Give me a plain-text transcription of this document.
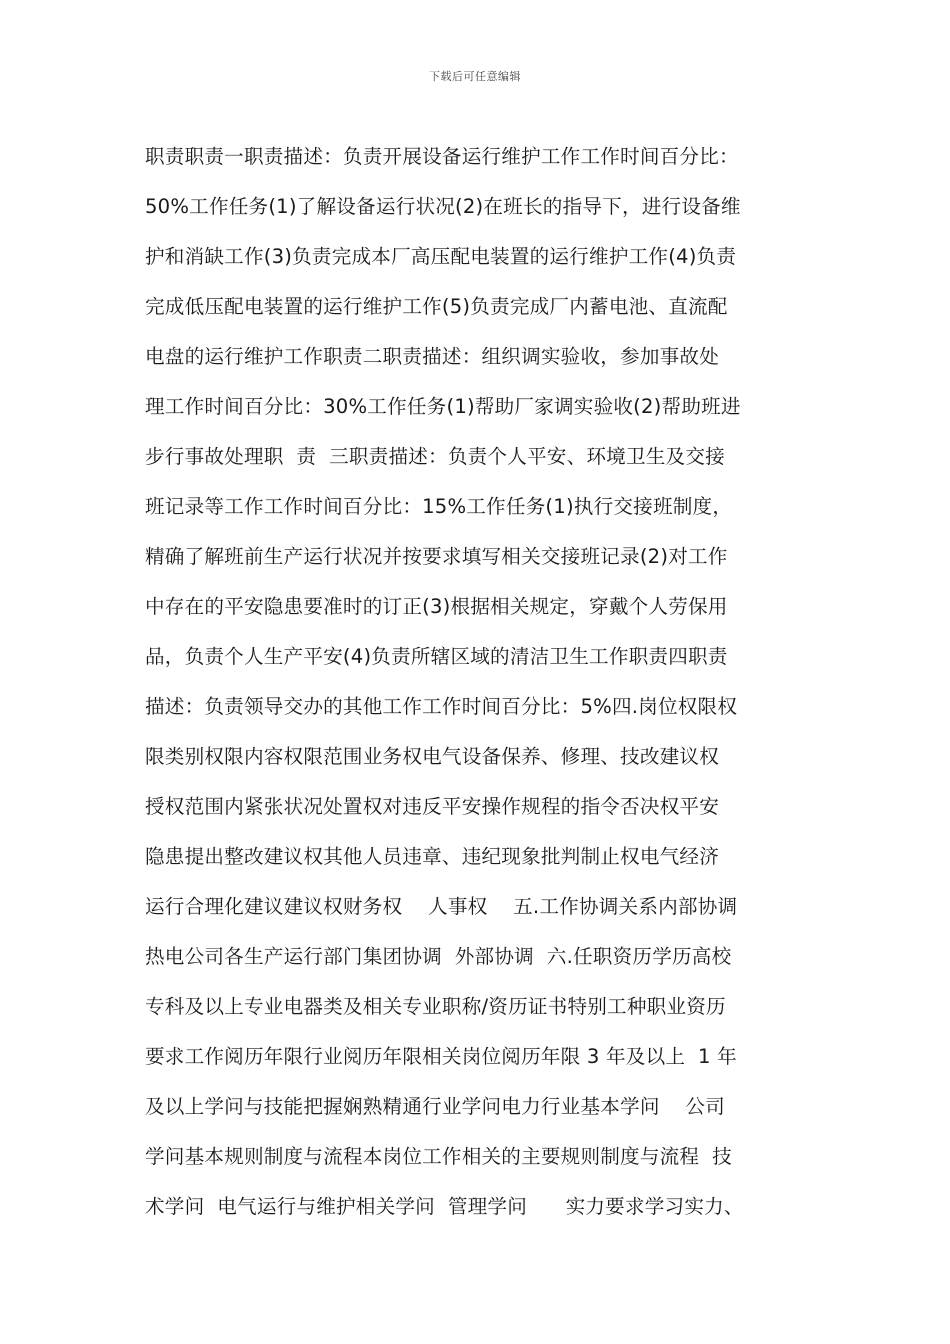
下载后可任意编辑
职责职责一职责描述：负责开展设备运行维护工作工作时间百分比：
50%工作任务(1)了解设备运行状况(2)在班长的指导下，进行设备维
护和消缺工作(3)负责完成本厂高压配电装置的运行维护工作(4)负责
完成低压配电装置的运行维护工作(5)负责完成厂内蓄电池、直流配
电盘的运行维护工作职责二职责描述：组织调实验收，参加事故处
理工作时间百分比：30%工作任务(1)帮助厂家调实验收(2)帮助班进
步行事故处理职  责  三职责描述：负责个人平安、环境卫生及交接
班记录等工作工作时间百分比：15%工作任务(1)执行交接班制度，
精确了解班前生产运行状况并按要求填写相关交接班记录(2)对工作
中存在的平安隐患要准时的订正(3)根据相关规定，穿戴个人劳保用
品，负责个人生产平安(4)负责所辖区域的清洁卫生工作职责四职责
描述：负责领导交办的其他工作工作时间百分比：5%四.岗位权限权
限类别权限内容权限范围业务权电气设备保养、修理、技改建议权
授权范围内紧张状况处置权对违反平安操作规程的指令否决权平安
隐患提出整改建议权其他人员违章、违纪现象批判制止权电气经济
运行合理化建议建议权财务权    人事权    五.工作协调关系内部协调
热电公司各生产运行部门集团协调  外部协调  六.任职资历学历高校
专科及以上专业电器类及相关专业职称/资历证书特别工种职业资历
要求工作阅历年限行业阅历年限相关岗位阅历年限 3 年及以上  1 年
及以上学问与技能把握娴熟精通行业学问电力行业基本学问    公司
学问基本规则制度与流程本岗位工作相关的主要规则制度与流程  技
术学问  电气运行与维护相关学问  管理学问      实力要求学习实力、
